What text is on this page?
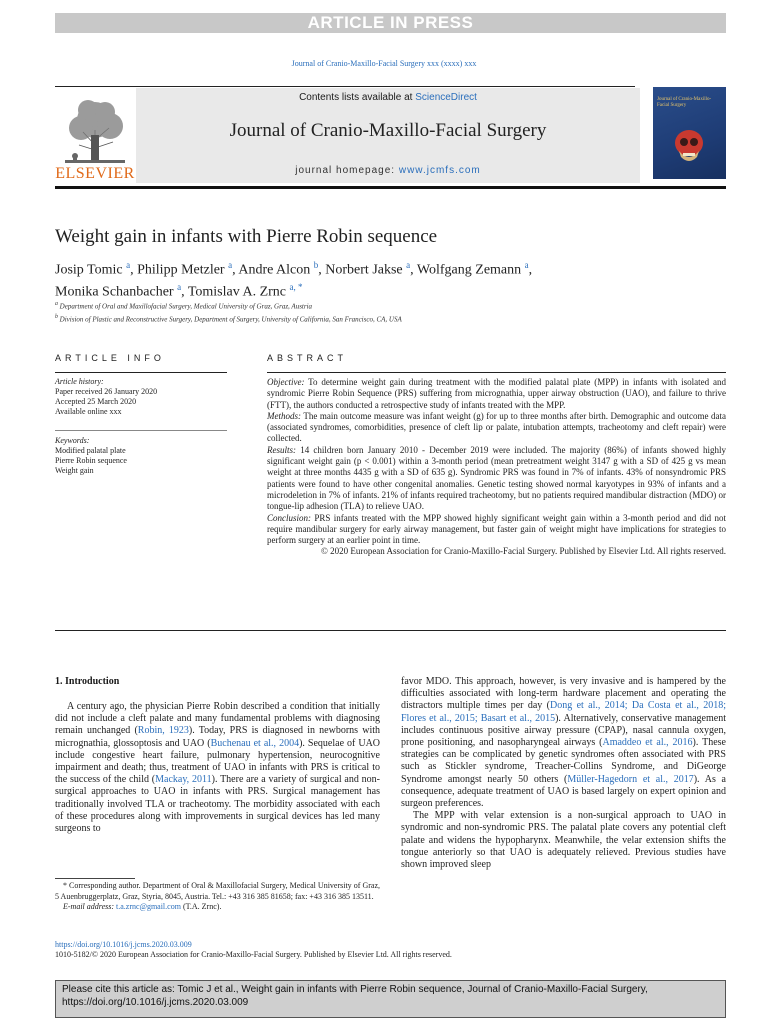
ARTICLE IN PRESS
Journal of Cranio-Maxillo-Facial Surgery xxx (xxxx) xxx
ELSEVIER
Contents lists available at ScienceDirect
Journal of Cranio-Maxillo-Facial Surgery
journal homepage: www.jcmfs.com
Journal of Cranio-Maxillo-Facial Surgery
Weight gain in infants with Pierre Robin sequence
Josip Tomic $^a$, Philipp Metzler $^a$, Andre Alcon $^b$, Norbert Jakse $^a$, Wolfgang Zemann $^a$,
Monika Schanbacher $^a$, Tomislav A. Zrnc $^{a, *}$
$^a$ Department of Oral and Maxillofacial Surgery, Medical University of Graz, Graz, Austria
$^b$ Division of Plastic and Reconstructive Surgery, Department of Surgery, University of California, San Francisco, CA, USA
ARTICLE INFO
Article history:
Paper received 26 January 2020
Accepted 25 March 2020
Available online xxx
Keywords:
Modified palatal plate
Pierre Robin sequence
Weight gain
ABSTRACT

Objective: To determine weight gain during treatment with the modified palatal plate (MPP) in infants with isolated and syndromic Pierre Robin Sequence (PRS) suffering from micrognathia, upper airway obstruction (UAO), and failure to thrive (FTT), the authors conducted a retrospective study of infants treated with the MPP.

Methods: The main outcome measure was infant weight (g) for up to three months after birth. Demographic and outcome data (associated syndromes, comorbidities, presence of cleft lip or palate, intubation attempts, tracheotomy and cleft repair) were collected.

Results: 14 children born January 2010 - December 2019 were included. The majority (86%) of infants showed highly significant weight gain (p < 0.001) within a 3-month period (mean pretreatment weight 3147 g with a SD of 425 g vs mean weight at three months 4435 g with a SD of 635 g). Syndromic PRS was found in 7% of infants. 43% of nonsyndromic PRS patients were found to have other congenital anomalies. Genetic testing showed normal karyotypes in 93% of infants and a microdeletion in 7% of infants. 21% of infants required tracheotomy, but no patients required mandibular distraction (MDO) or tongue-lip adhesion (TLA) to relieve UAO.

Conclusion: PRS infants treated with the MPP showed highly significant weight gain within a 3-month period and did not require mandibular surgery for early airway management, but faster gain of weight might have implications for strategies to perform surgery at an earlier point in time.

© 2020 European Association for Cranio-Maxillo-Facial Surgery. Published by Elsevier Ltd. All rights reserved.

1. Introduction

A century ago, the physician Pierre Robin described a condition that initially did not include a cleft palate and many fundamental problems with diagnosing remain unchanged (Robin, 1923). Today, PRS is diagnosed in newborns with micrognathia, glossoptosis and UAO (Buchenau et al., 2004). Sequelae of UAO include congestive heart failure, pulmonary hypertension, neurocognitive impairment and death; thus, treatment of UAO in infants with PRS is critical to the success of the child (Mackay, 2011). There are a variety of surgical and non-surgical approaches to UAO in infants with PRS. Surgical management has traditionally involved TLA or tracheotomy. The morbidity associated with each of these procedures along with improvements in surgical devices has led many surgeons to

favor MDO. This approach, however, is very invasive and is hampered by the difficulties associated with long-term hardware placement and operating the distractors multiple times per day (Dong et al., 2014; Da Costa et al., 2018; Flores et al., 2015; Basart et al., 2015). Alternatively, conservative management includes continuous positive airway pressure (CPAP), nasal cannula oxygen, prone positioning, and nasopharyngeal airways (Amaddeo et al., 2016). These strategies can be complicated by genetic syndromes often associated with PRS such as Stickler syndrome, Treacher-Collins Syndrome, and DiGeorge Syndrome amongst nearly 50 others (Müller-Hagedorn et al., 2017). As a consequence, adequate treatment of UAO is based largely on expert opinion and surgeon preferences.

The MPP with velar extension is a non-surgical approach to UAO in syndromic and non-syndromic PRS. The palatal plate covers any potential cleft palate and widens the hypopharynx. Meanwhile, the velar extension shifts the tongue anteriorly so that UAO is adequately relieved. Previous studies have shown improved sleep

* Corresponding author. Department of Oral & Maxillofacial Surgery, Medical University of Graz, 5 Auenbruggerplatz, Graz, Styria, 8045, Austria. Tel.: +43 316 385 81658; fax: +43 316 385 13511.
E-mail address: t.a.zrnc@gmail.com (T.A. Zrnc).
https://doi.org/10.1016/j.jcms.2020.03.009
1010-5182/© 2020 European Association for Cranio-Maxillo-Facial Surgery. Published by Elsevier Ltd. All rights reserved.
Please cite this article as: Tomic J et al., Weight gain in infants with Pierre Robin sequence, Journal of Cranio-Maxillo-Facial Surgery, https://doi.org/10.1016/j.jcms.2020.03.009
